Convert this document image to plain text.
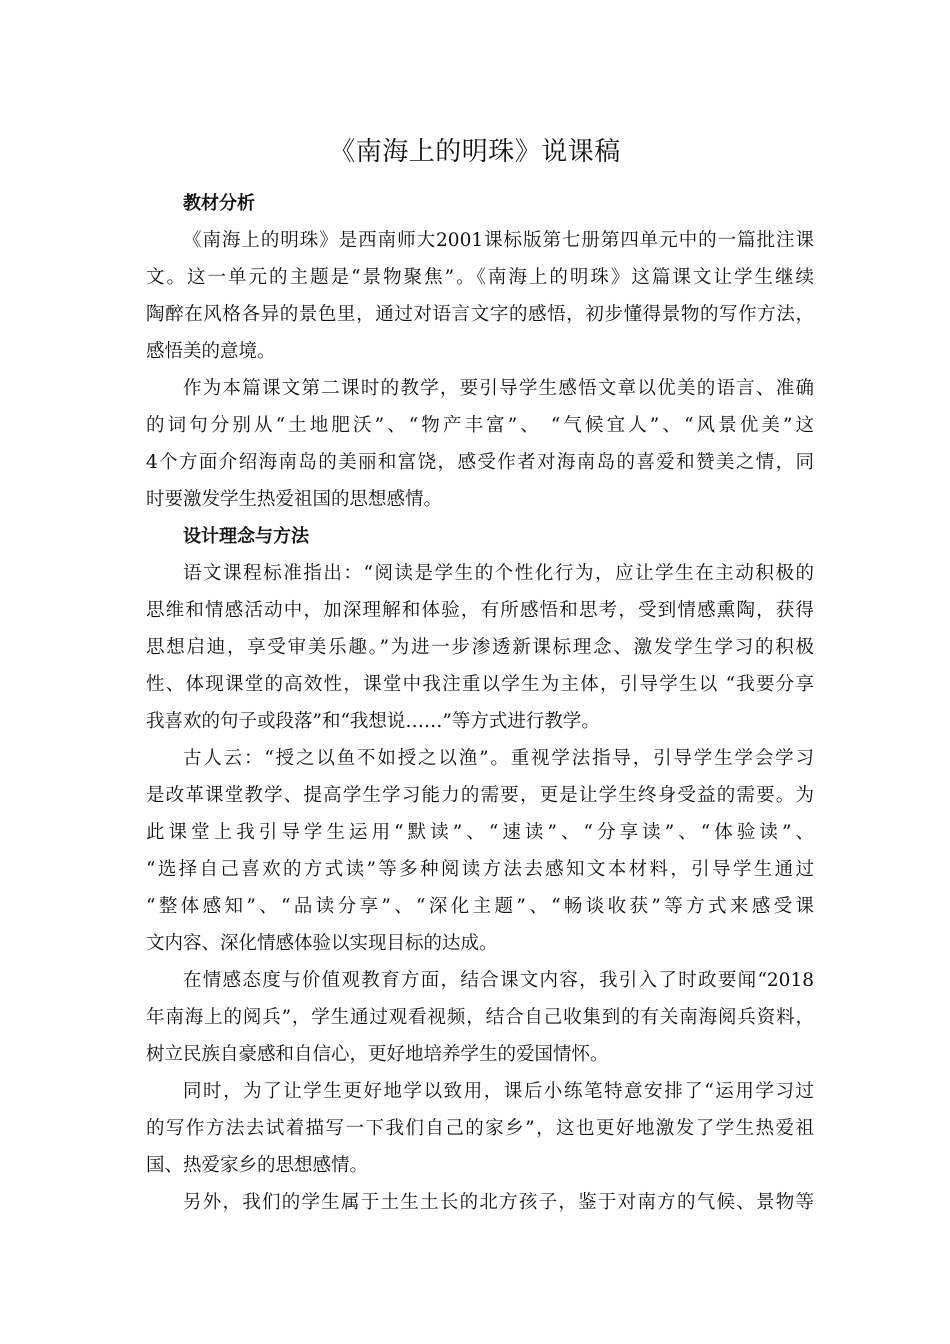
《南海上的明珠》说课稿
教材分析
《南海上的明珠》是西南师大2001课标版第七册第四单元中的一篇批注课
文。这一单元的主题是“景物聚焦”。《南海上的明珠》这篇课文让学生继续
陶醉在风格各异的景色里，通过对语言文字的感悟，初步懂得景物的写作方法，
感悟美的意境。
作为本篇课文第二课时的教学，要引导学生感悟文章以优美的语言、准确
的词句分别从“土地肥沃”、“物产丰富”、 “气候宜人”、“风景优美”这
4个方面介绍海南岛的美丽和富饶，感受作者对海南岛的喜爱和赞美之情，同
时要激发学生热爱祖国的思想感情。
设计理念与方法
语文课程标准指出：“阅读是学生的个性化行为，应让学生在主动积极的
思维和情感活动中，加深理解和体验，有所感悟和思考，受到情感熏陶，获得
思想启迪，享受审美乐趣。”为进一步渗透新课标理念、激发学生学习的积极
性、体现课堂的高效性，课堂中我注重以学生为主体，引导学生以 “我要分享
我喜欢的句子或段落”和“我想说……”等方式进行教学。
古人云：“授之以鱼不如授之以渔”。重视学法指导，引导学生学会学习
是改革课堂教学、提高学生学习能力的需要，更是让学生终身受益的需要。为
此课堂上我引导学生运用“默读”、“速读”、“分享读”、“体验读”、
“选择自己喜欢的方式读”等多种阅读方法去感知文本材料，引导学生通过
“整体感知”、“品读分享”、“深化主题”、“畅谈收获”等方式来感受课
文内容、深化情感体验以实现目标的达成。
在情感态度与价值观教育方面，结合课文内容，我引入了时政要闻“2018
年南海上的阅兵”，学生通过观看视频，结合自己收集到的有关南海阅兵资料，
树立民族自豪感和自信心，更好地培养学生的爱国情怀。
同时，为了让学生更好地学以致用，课后小练笔特意安排了“运用学习过
的写作方法去试着描写一下我们自己的家乡”，这也更好地激发了学生热爱祖
国、热爱家乡的思想感情。
另外，我们的学生属于土生土长的北方孩子，鉴于对南方的气候、景物等
